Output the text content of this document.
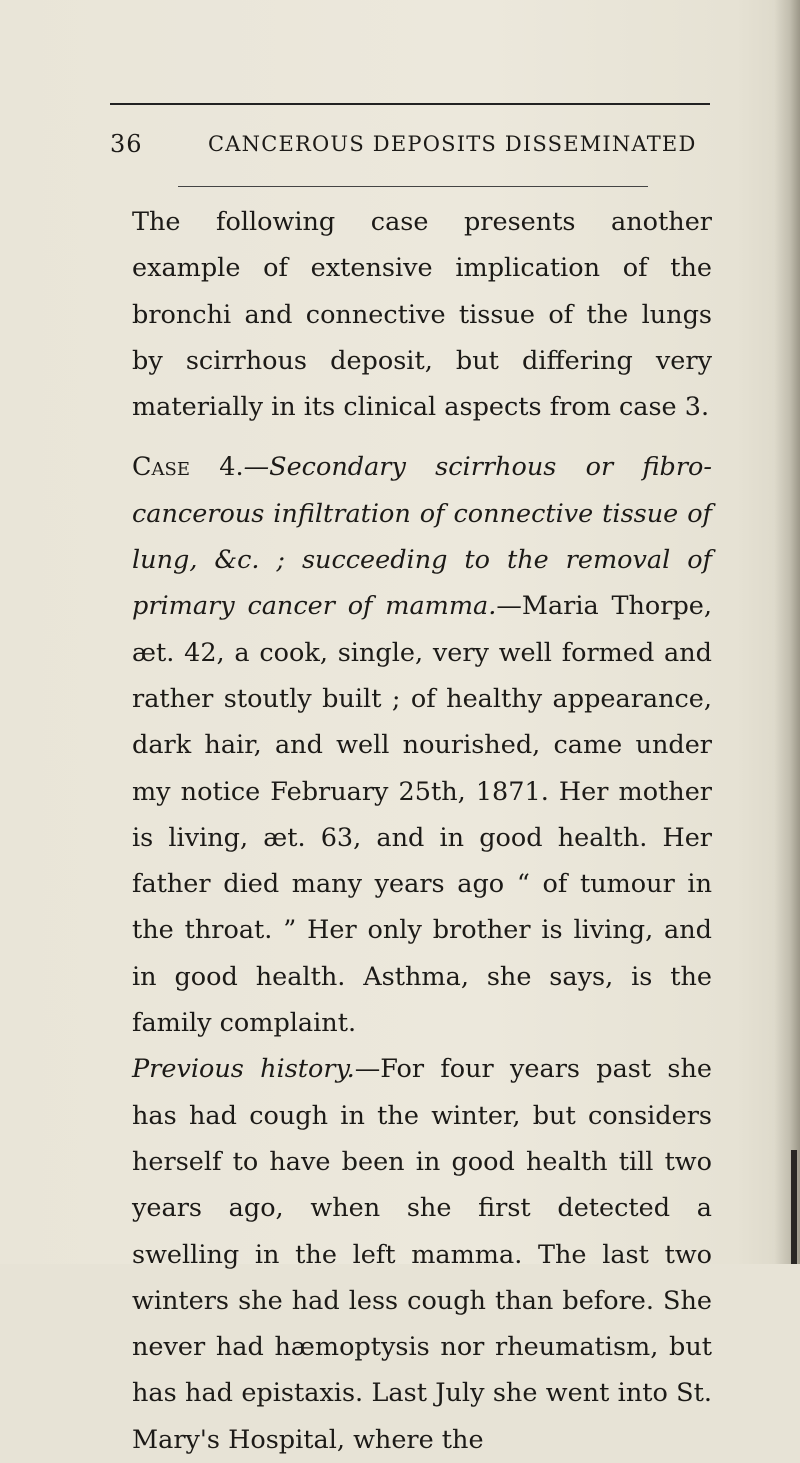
36	CANCEROUS DEPOSITS DISSEMINATED

The following case presents another example of extensive implication of the bronchi and connective tissue of the lungs by scirrhous deposit, but differing very materially in its clinical aspects from case 3.

Case 4.—Secondary scirrhous or fibro-cancerous infiltration of connective tissue of lung, &c. ; succeeding to the removal of primary cancer of mamma.—Maria Thorpe, æt. 42, a cook, single, very well formed and rather stoutly built ; of healthy appearance, dark hair, and well nourished, came under my notice February 25th, 1871. Her mother is living, æt. 63, and in good health. Her father died many years ago “ of tumour in the throat. ” Her only brother is living, and in good health. Asthma, she says, is the family complaint.

Previous history.—For four years past she has had cough in the winter, but considers herself to have been in good health till two years ago, when she first detected a swelling in the left mamma. The last two winters she had less cough than before. She never had hæmoptysis nor rheumatism, but has had epistaxis. Last July she went into St. Mary's Hospital, where the
